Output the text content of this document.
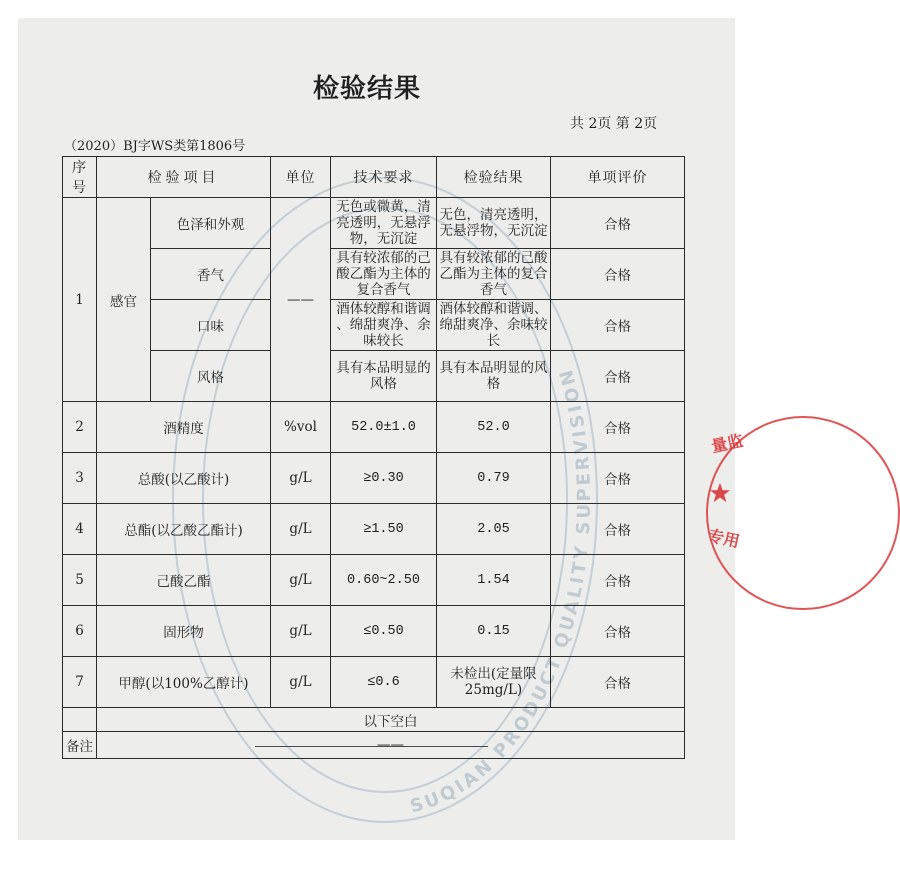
SUQIAN PRODUCT QUALITY SUPERVISION
检验结果
共 2页 第 2页
（2020）BJ字WS类第1806号
序号	检验项目		单位	技术要求	检验结果	单项评价
1	感官	色泽和外观	——	无色或微黄，清亮透明，无悬浮物，无沉淀	无色，清亮透明，无悬浮物，无沉淀	合格
		香气		具有较浓郁的己酸乙酯为主体的复合香气	具有较浓郁的己酸乙酯为主体的复合香气	合格
		口味		酒体较醇和谐调、绵甜爽净、余味较长	酒体较醇和谐调、绵甜爽净、余味较长	合格
		风格		具有本品明显的风格	具有本品明显的风格	合格
2	酒精度		%vol	52.0±1.0	52.0	合格
3	总酸(以乙酸计)		g/L	≥0.30	0.79	合格
4	总酯(以乙酸乙酯计)		g/L	≥1.50	2.05	合格
5	己酸乙酯		g/L	0.60~2.50	1.54	合格
6	固形物		g/L	≤0.50	0.15	合格
7	甲醇(以100%乙醇计)		g/L	≤0.6	未检出(定量限25mg/L)	合格
	以下空白					
备注	——					
量监
专用
